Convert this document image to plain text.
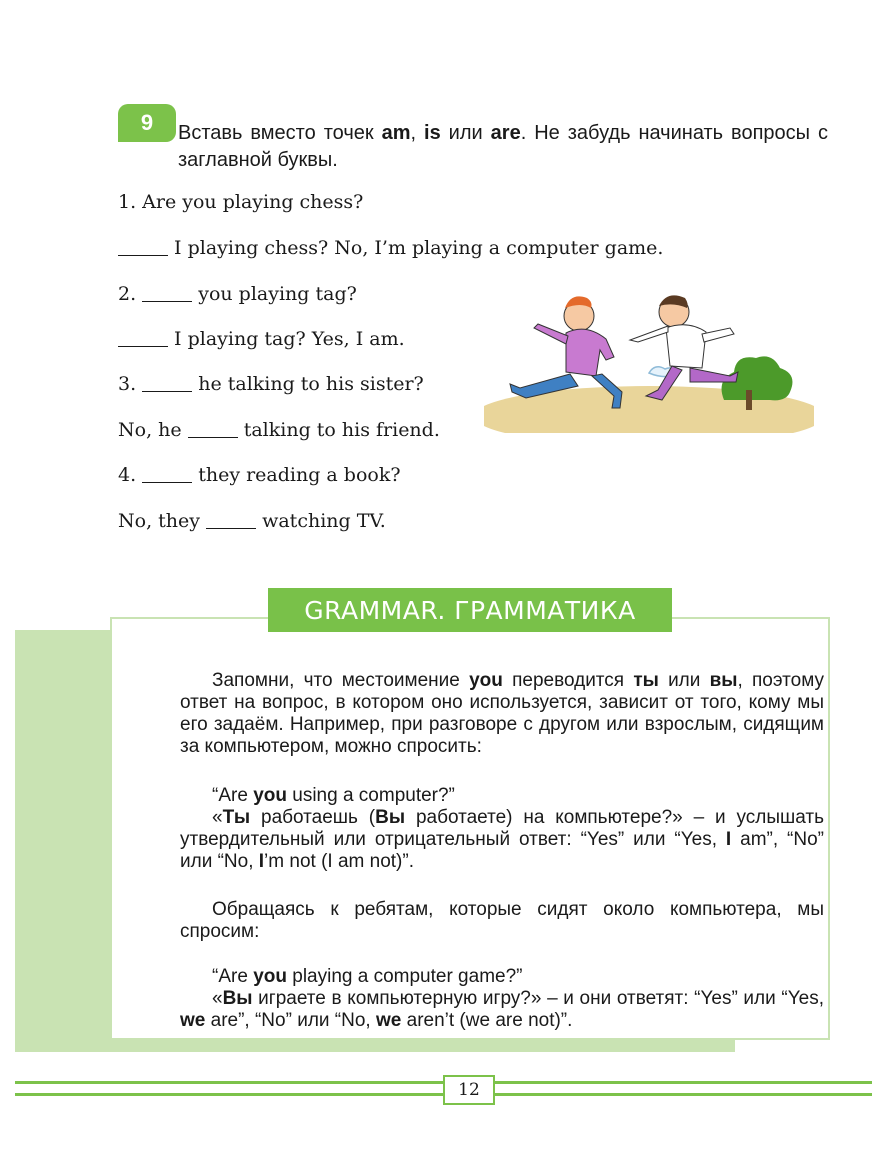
9	Вставь вместо точек am, is или are. Не забудь начинать вопросы с заглавной буквы.
1. Are you playing chess?
I playing chess? No, I’m playing a computer game.
2.	you playing tag?
I playing tag? Yes, I am.
3.	he talking to his sister?
No, he	talking to his friend.
4.	they reading a book?
No, they	watching TV.
GRAMMAR. ГРАММАТИКА

Запомни, что местоимение you переводится ты или вы, поэтому ответ на вопрос, в котором оно используется, зависит от того, кому мы его задаём. Например, при разговоре с другом или взрослым, сидящим за компьютером, можно спросить:

“Are you using a computer?”

«Ты работаешь (Вы работаете) на компьютере?» – и услышать утвердительный или отрицательный ответ: “Yes” или “Yes, I am”, “No” или “No, I’m not (I am not)”.

Обращаясь к ребятам, которые сидят около компьютера, мы спросим:

“Are you playing a computer game?”

«Вы играете в компьютерную игру?» – и они ответят: “Yes” или “Yes, we are”, “No” или “No, we aren’t (we are not)”.

12
